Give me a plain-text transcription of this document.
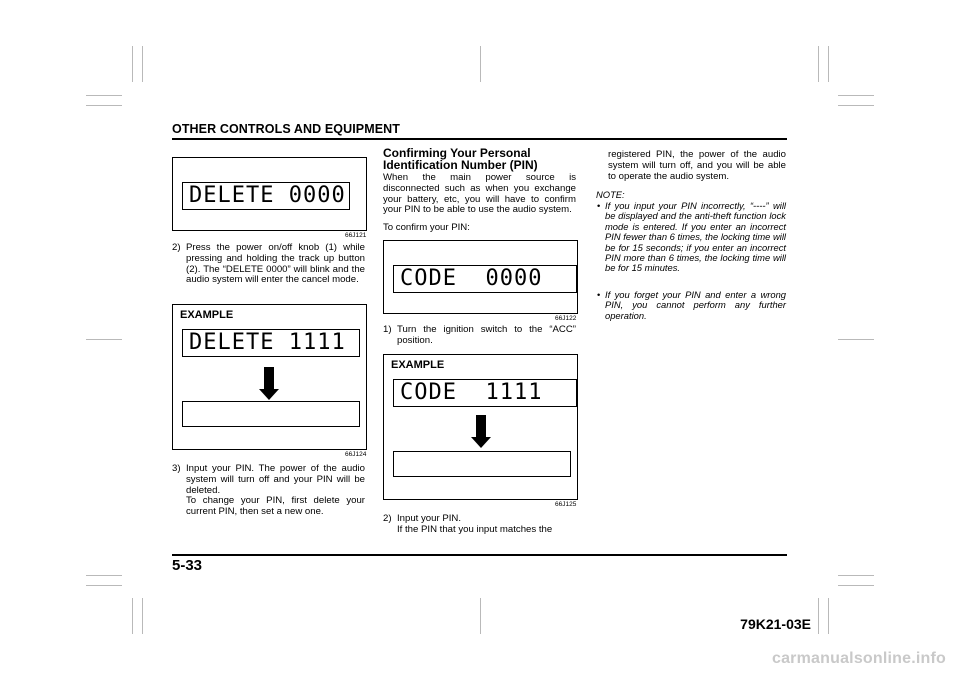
OTHER CONTROLS AND EQUIPMENT
DELETE 0000
66J121
2) Press the power on/off knob (1) while pressing and holding the track up button (2). The “DELETE 0000” will blink and the audio system will enter the cancel mode.
EXAMPLE
DELETE 1111
66J124
3) Input your PIN. The power of the audio system will turn off and your PIN will be deleted.
To change your PIN, first delete your current PIN, then set a new one.
Confirming Your Personal Identification Number (PIN)
When the main power source is disconnected such as when you exchange your battery, etc, you will have to confirm your PIN to be able to use the audio system.
To confirm your PIN:
CODE  0000
66J122
1) Turn the ignition switch to the “ACC” position.
EXAMPLE
CODE  1111
66J125
2) Input your PIN.
If the PIN that you input matches the
registered PIN, the power of the audio system will turn off, and you will be able to operate the audio system.
NOTE:
• If you input your PIN incorrectly, “----” will be displayed and the anti-theft function lock mode is entered. If you enter an incorrect PIN fewer than 6 times, the locking time will be for 15 seconds; if you enter an incorrect PIN more than 6 times, the locking time will be for 15 minutes.
• If you forget your PIN and enter a wrong PIN, you cannot perform any further operation.
5-33
79K21-03E
carmanualsonline.info
